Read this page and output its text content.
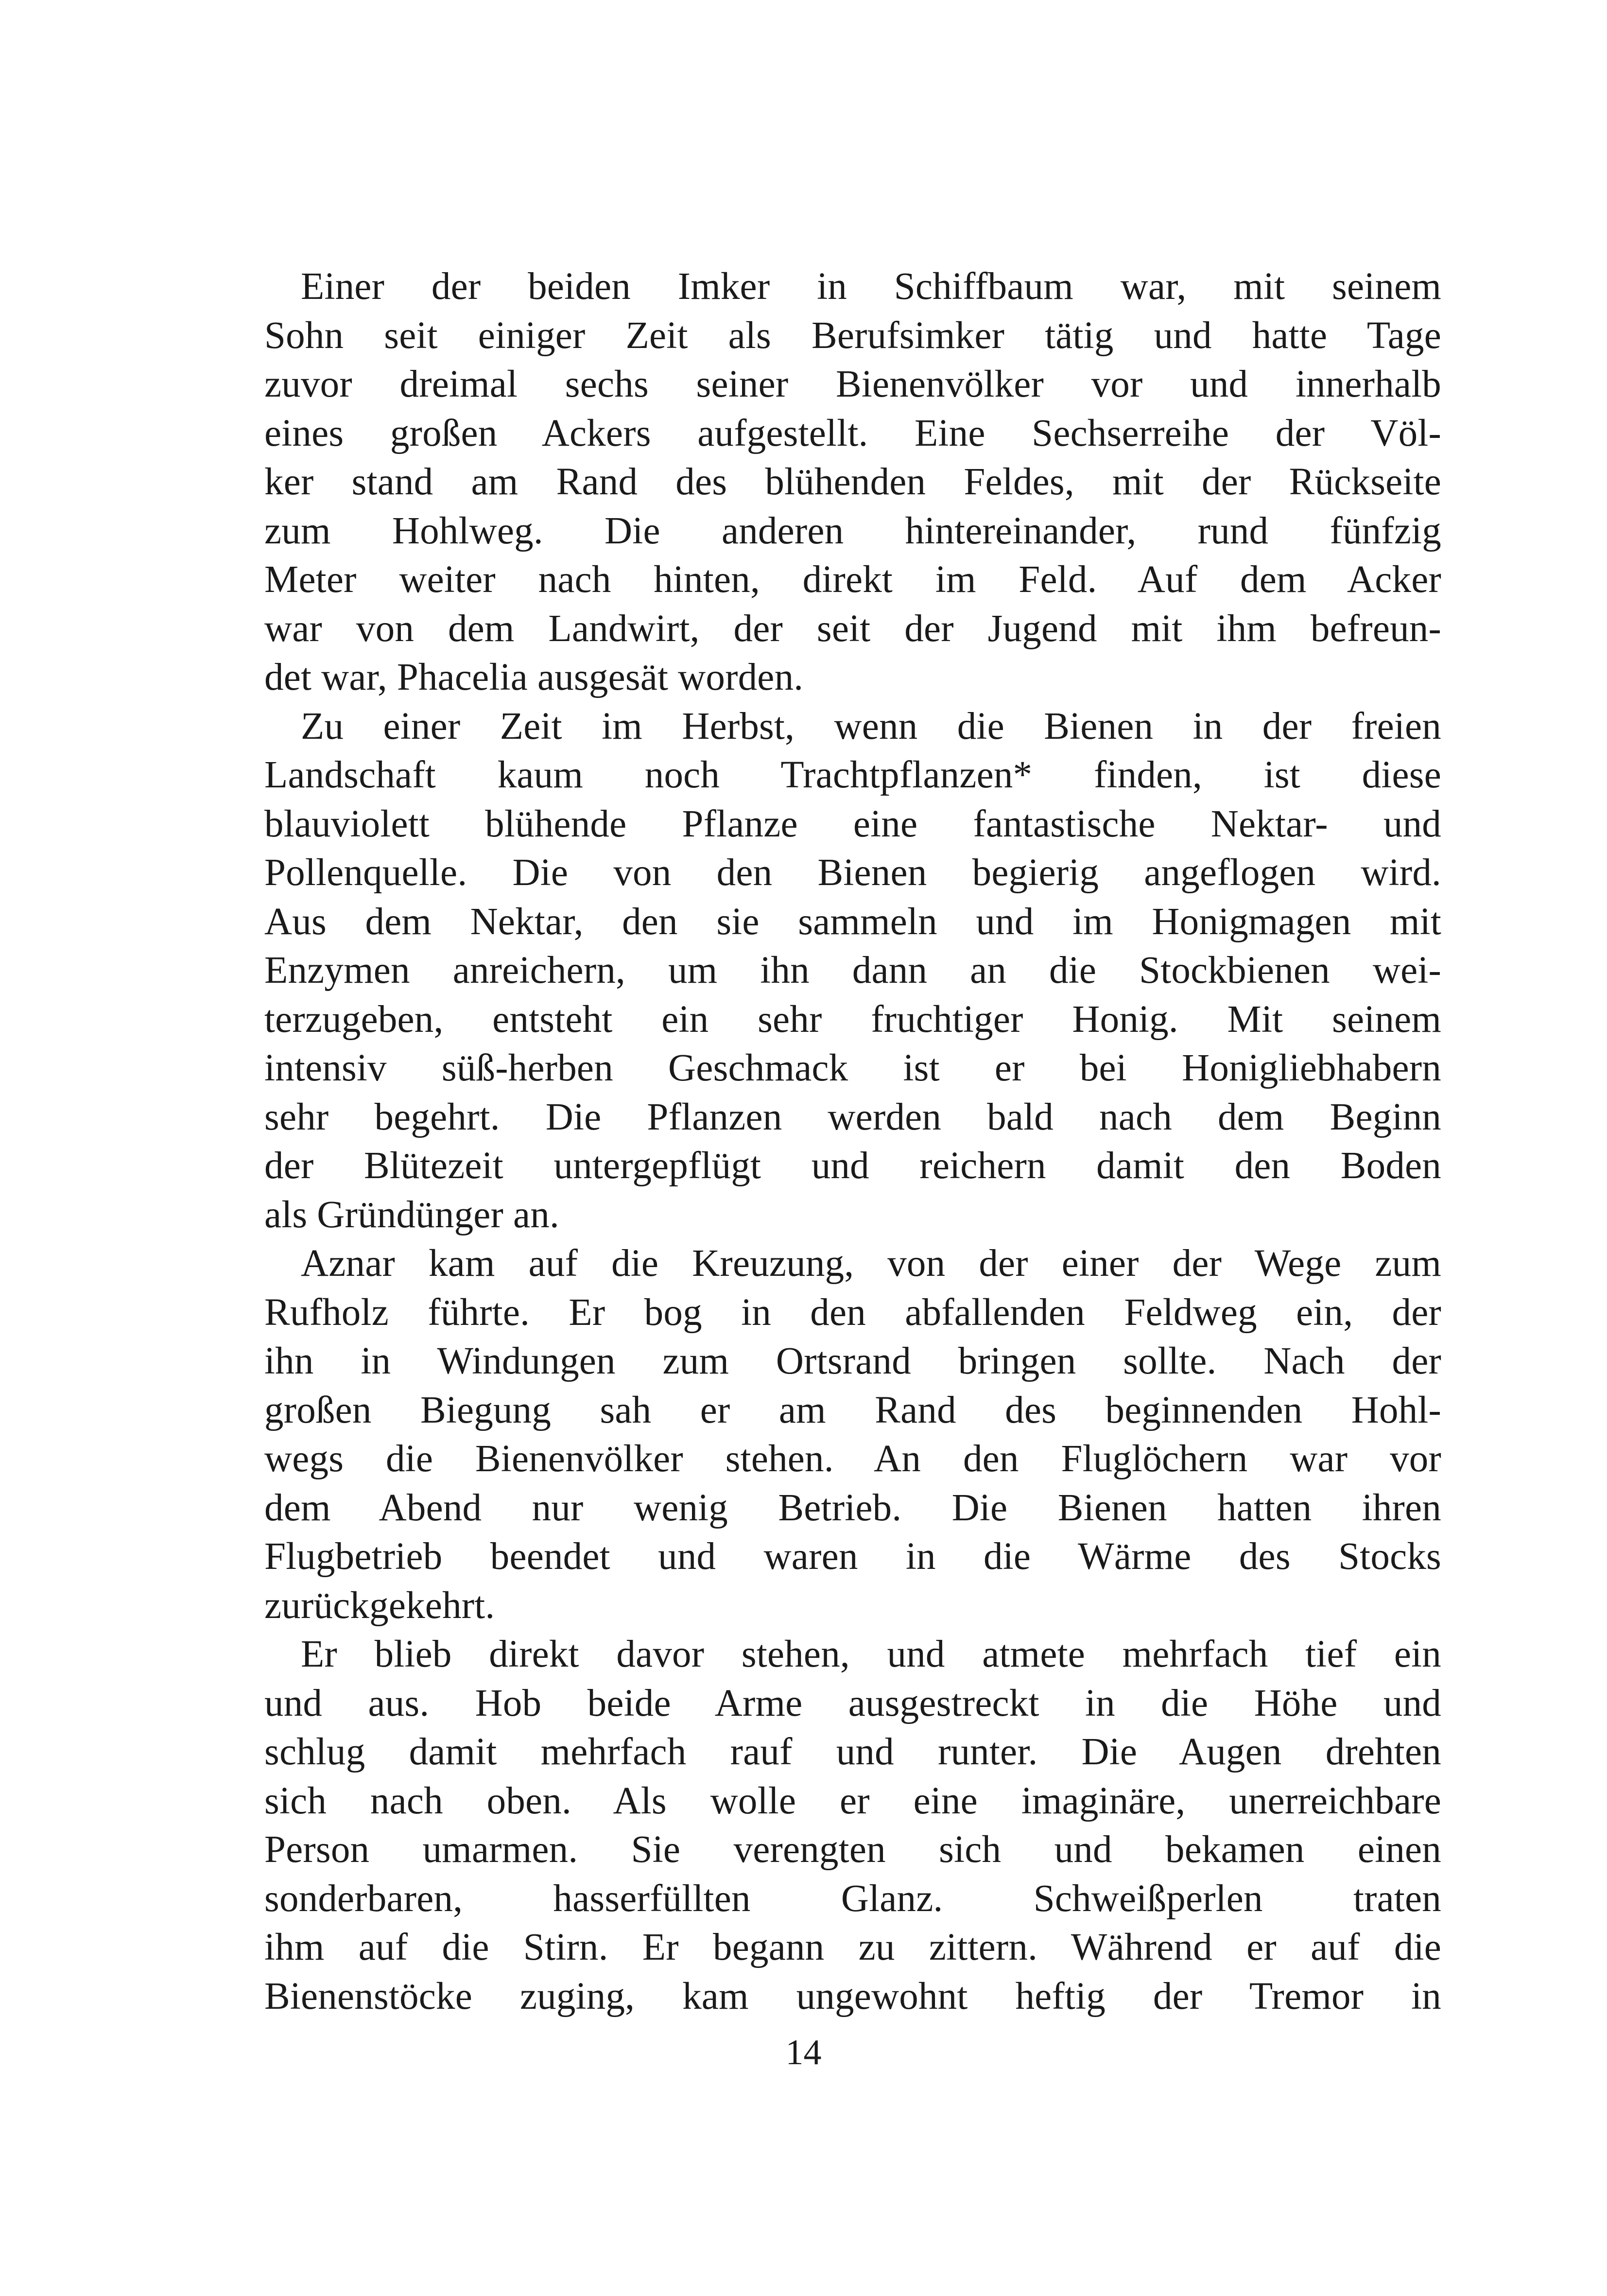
Einer der beiden Imker in Schiffbaum war, mit seinem
Sohn seit einiger Zeit als Berufsimker tätig und hatte Tage
zuvor dreimal sechs seiner Bienenvölker vor und innerhalb
eines großen Ackers aufgestellt. Eine Sechserreihe der Völ-
ker stand am Rand des blühenden Feldes, mit der Rückseite
zum Hohlweg. Die anderen hintereinander, rund fünfzig
Meter weiter nach hinten, direkt im Feld. Auf dem Acker
war von dem Landwirt, der seit der Jugend mit ihm befreun-
det war, Phacelia ausgesät worden.
Zu einer Zeit im Herbst, wenn die Bienen in der freien
Landschaft kaum noch Trachtpflanzen* finden, ist diese
blauviolett blühende Pflanze eine fantastische Nektar- und
Pollenquelle. Die von den Bienen begierig angeflogen wird.
Aus dem Nektar, den sie sammeln und im Honigmagen mit
Enzymen anreichern, um ihn dann an die Stockbienen wei-
terzugeben, entsteht ein sehr fruchtiger Honig. Mit seinem
intensiv süß-herben Geschmack ist er bei Honigliebhabern
sehr begehrt. Die Pflanzen werden bald nach dem Beginn
der Blütezeit untergepflügt und reichern damit den Boden
als Gründünger an.
Aznar kam auf die Kreuzung, von der einer der Wege zum
Rufholz führte. Er bog in den abfallenden Feldweg ein, der
ihn in Windungen zum Ortsrand bringen sollte. Nach der
großen Biegung sah er am Rand des beginnenden Hohl-
wegs die Bienenvölker stehen. An den Fluglöchern war vor
dem Abend nur wenig Betrieb. Die Bienen hatten ihren
Flugbetrieb beendet und waren in die Wärme des Stocks
zurückgekehrt.
Er blieb direkt davor stehen, und atmete mehrfach tief ein
und aus. Hob beide Arme ausgestreckt in die Höhe und
schlug damit mehrfach rauf und runter. Die Augen drehten
sich nach oben. Als wolle er eine imaginäre, unerreichbare
Person umarmen. Sie verengten sich und bekamen einen
sonderbaren, hasserfüllten Glanz. Schweißperlen traten
ihm auf die Stirn. Er begann zu zittern. Während er auf die
Bienenstöcke zuging, kam ungewohnt heftig der Tremor in
14
